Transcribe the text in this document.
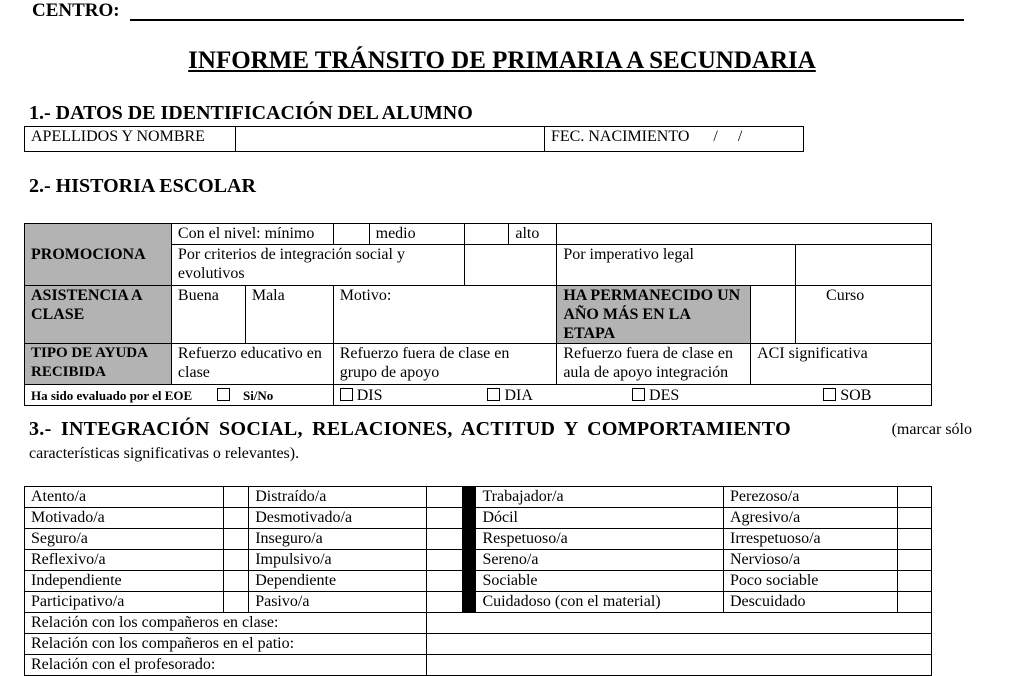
CENTRO:
INFORME TRÁNSITO DE PRIMARIA A SECUNDARIA
1.- DATOS DE IDENTIFICACIÓN DEL ALUMNO
APELLIDOS Y NOMBRE		FEC. NACIMIENTO      /     /
2.- HISTORIA ESCOLAR
PROMOCIONA	Con el nivel: mínimo			medio		alto			
	Por criterios de integración social y evolutivos						Por imperativo legal		
ASISTENCIA A CLASE	Buena	Mala	Motivo:				HA PERMANECIDO UN AÑO MÁS EN LA ETAPA		Curso
TIPO DE AYUDA RECIBIDA	Refuerzo educativo en clase		Refuerzo fuera de clase en grupo de apoyo				Refuerzo fuera de clase en aula de apoyo integración	ACI significativa	
Ha sido evaluado por el EOE Si/No			DIS DIA DES SOB						
3.- INTEGRACIÓN SOCIAL, RELACIONES, ACTITUD Y COMPORTAMIENTO	(marcar sólo
características significativas o relevantes).
Atento/a		Distraído/a			Trabajador/a	Perezoso/a	
Motivado/a		Desmotivado/a			Dócil	Agresivo/a	
Seguro/a		Inseguro/a			Respetuoso/a	Irrespetuoso/a	
Reflexivo/a		Impulsivo/a			Sereno/a	Nervioso/a	
Independiente		Dependiente			Sociable	Poco sociable	
Participativo/a		Pasivo/a			Cuidadoso (con el material)	Descuidado	
Relación con los compañeros en clase:							
Relación con los compañeros en el patio:							
Relación con el profesorado:							
